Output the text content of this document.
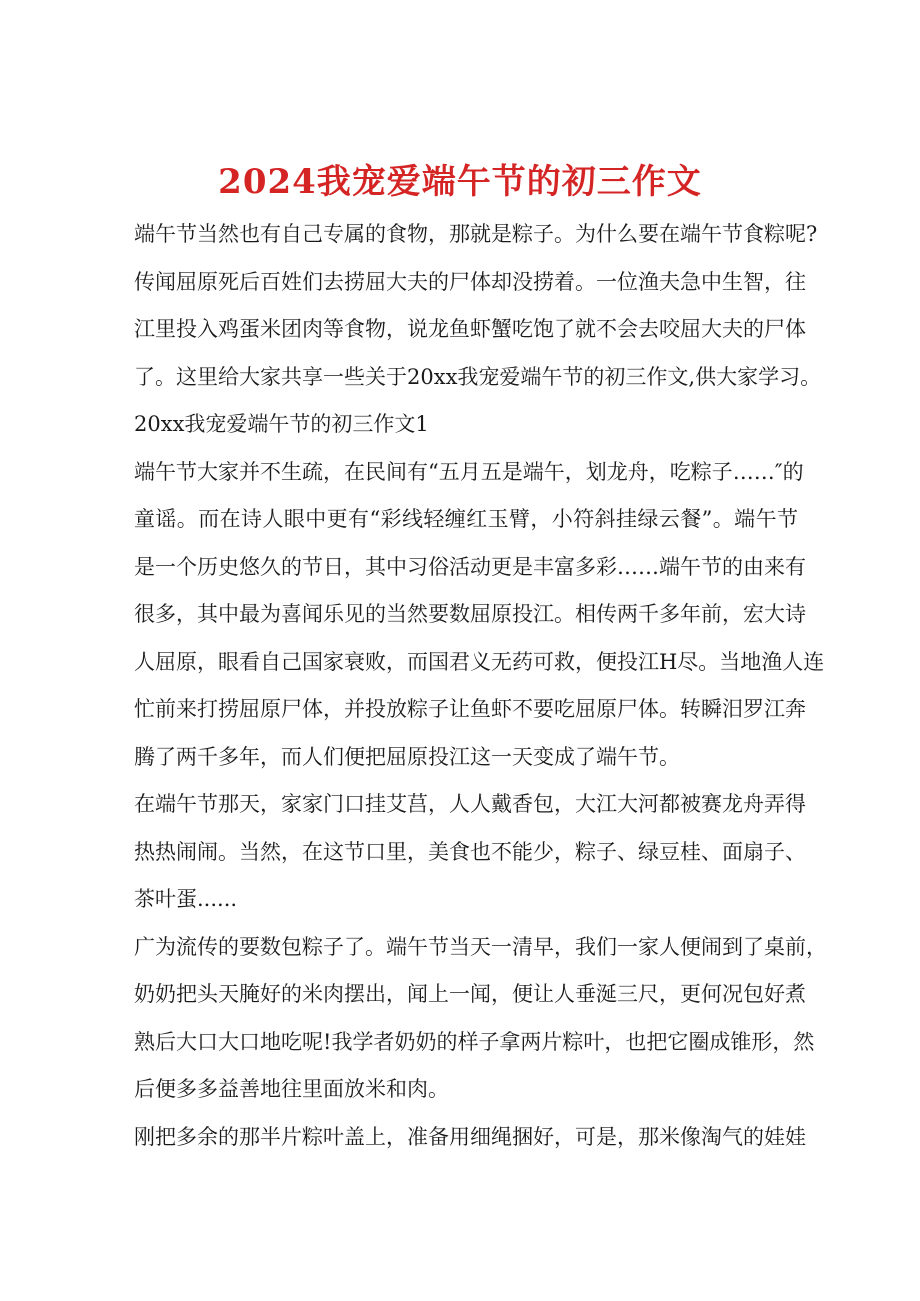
2024我宠爱端午节的初三作文
端午节当然也有自己专属的食物，那就是粽子。为什么要在端午节食粽呢?
传闻屈原死后百姓们去捞屈大夫的尸体却没捞着。一位渔夫急中生智，往
江里投入鸡蛋米团肉等食物，说龙鱼虾蟹吃饱了就不会去咬屈大夫的尸体
了。这里给大家共享一些关于20xx我宠爱端午节的初三作文,供大家学习。
20xx我宠爱端午节的初三作文1
端午节大家并不生疏，在民间有“五月五是端午，划龙舟，吃粽子……″的
童谣。而在诗人眼中更有“彩线轻缠红玉臂，小符斜挂绿云餐”。端午节
是一个历史悠久的节日，其中习俗活动更是丰富多彩……端午节的由来有
很多，其中最为喜闻乐见的当然要数屈原投江。相传两千多年前，宏大诗
人屈原，眼看自己国家衰败，而国君义无药可救，便投江H尽。当地渔人连
忙前来打捞屈原尸体，并投放粽子让鱼虾不要吃屈原尸体。转瞬汨罗江奔
腾了两千多年，而人们便把屈原投江这一天变成了端午节。
在端午节那天，家家门口挂艾莒，人人戴香包，大江大河都被赛龙舟弄得
热热闹闹。当然，在这节口里，美食也不能少，粽子、绿豆桂、面扇子、
茶叶蛋......
广为流传的要数包粽子了。端午节当天一清早，我们一家人便闹到了桌前，
奶奶把头天腌好的米肉摆出，闻上一闻，便让人垂涎三尺，更何况包好煮
熟后大口大口地吃呢!我学者奶奶的样子拿两片粽叶，也把它圈成锥形，然
后便多多益善地往里面放米和肉。
刚把多余的那半片粽叶盖上，准备用细绳捆好，可是，那米像淘气的娃娃
